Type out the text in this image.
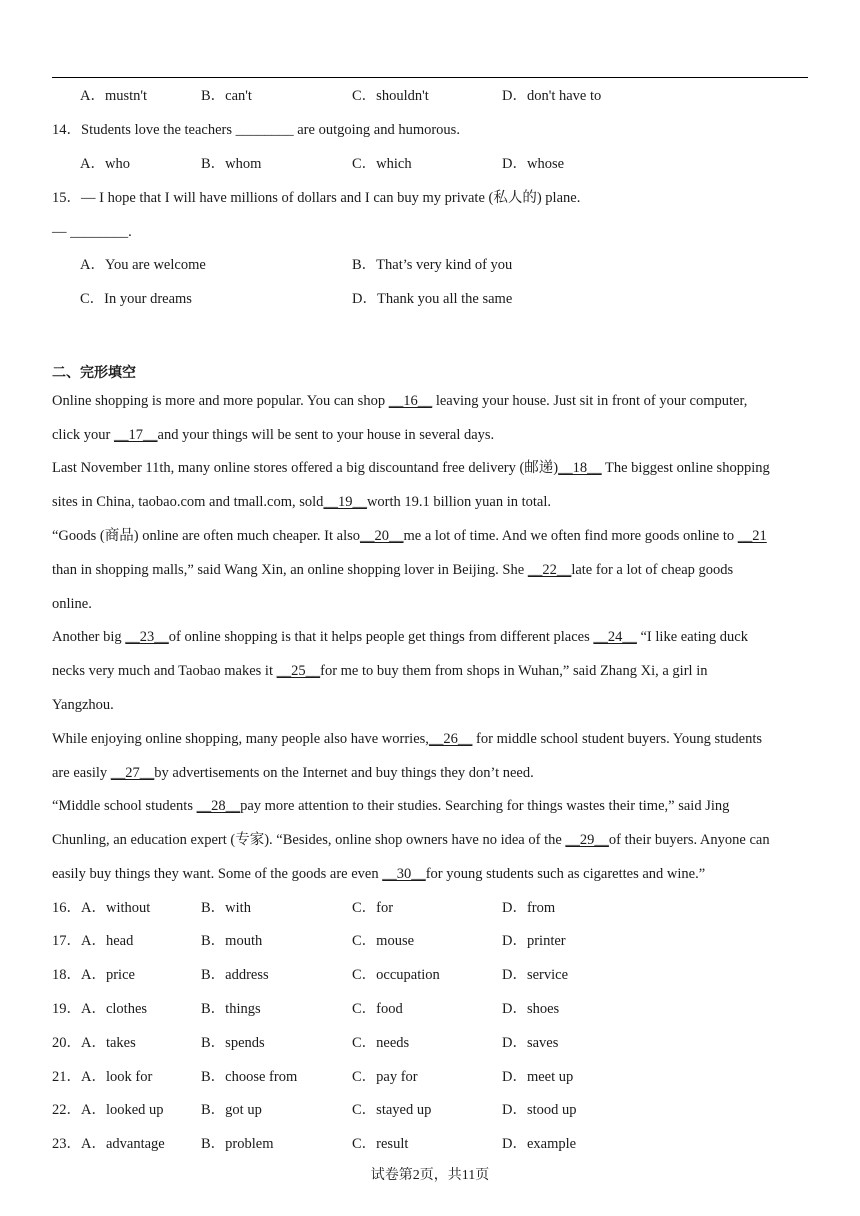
A．mustn't	B．can't	C．shouldn't	D．don't have to
14．Students love the teachers ________ are outgoing and humorous.
A．who	B．whom	C．which	D．whose
15．— I hope that I will have millions of dollars and I can buy my private (私人的) plane.
— ________.
A．You are welcome	B．That’s very kind of you
C．In your dreams	D．Thank you all the same
二、完形填空
Online shopping is more and more popular. You can shop __16__ leaving your house. Just sit in front of your computer,
click your __17__and your things will be sent to your house in several days.
Last November 11th, many online stores offered a big discountand free delivery (邮递)__18__ The biggest online shopping
sites in China, taobao.com and tmall.com, sold__19__worth 19.1 billion yuan in total.
“Goods (商品) online are often much cheaper. It also__20__me a lot of time. And we often find more goods online to __21
than in shopping malls,” said Wang Xin, an online shopping lover in Beijing. She __22__late for a lot of cheap goods
online.
Another big __23__of online shopping is that it helps people get things from different places __24__ “I like eating duck
necks very much and Taobao makes it __25__for me to buy them from shops in Wuhan,” said Zhang Xi, a girl in
Yangzhou.
While enjoying online shopping, many people also have worries,__26__ for middle school student buyers. Young students
are easily __27__by advertisements on the Internet and buy things they don’t need.
“Middle school students __28__pay more attention to their studies. Searching for things wastes their time,” said Jing
Chunling, an education expert (专家). “Besides, online shop owners have no idea of the __29__of their buyers. Anyone can
easily buy things they want. Some of the goods are even __30__for young students such as cigarettes and wine.”
16．A．without	B．with	C．for	D．from
17．A．head	B．mouth	C．mouse	D．printer
18．A．price	B．address	C．occupation	D．service
19．A．clothes	B．things	C．food	D．shoes
20．A．takes	B．spends	C．needs	D．saves
21．A．look for	B．choose from	C．pay for	D．meet up
22．A．looked up	B．got up	C．stayed up	D．stood up
23．A．advantage	B．problem	C．result	D．example
试卷第2页，共11页
